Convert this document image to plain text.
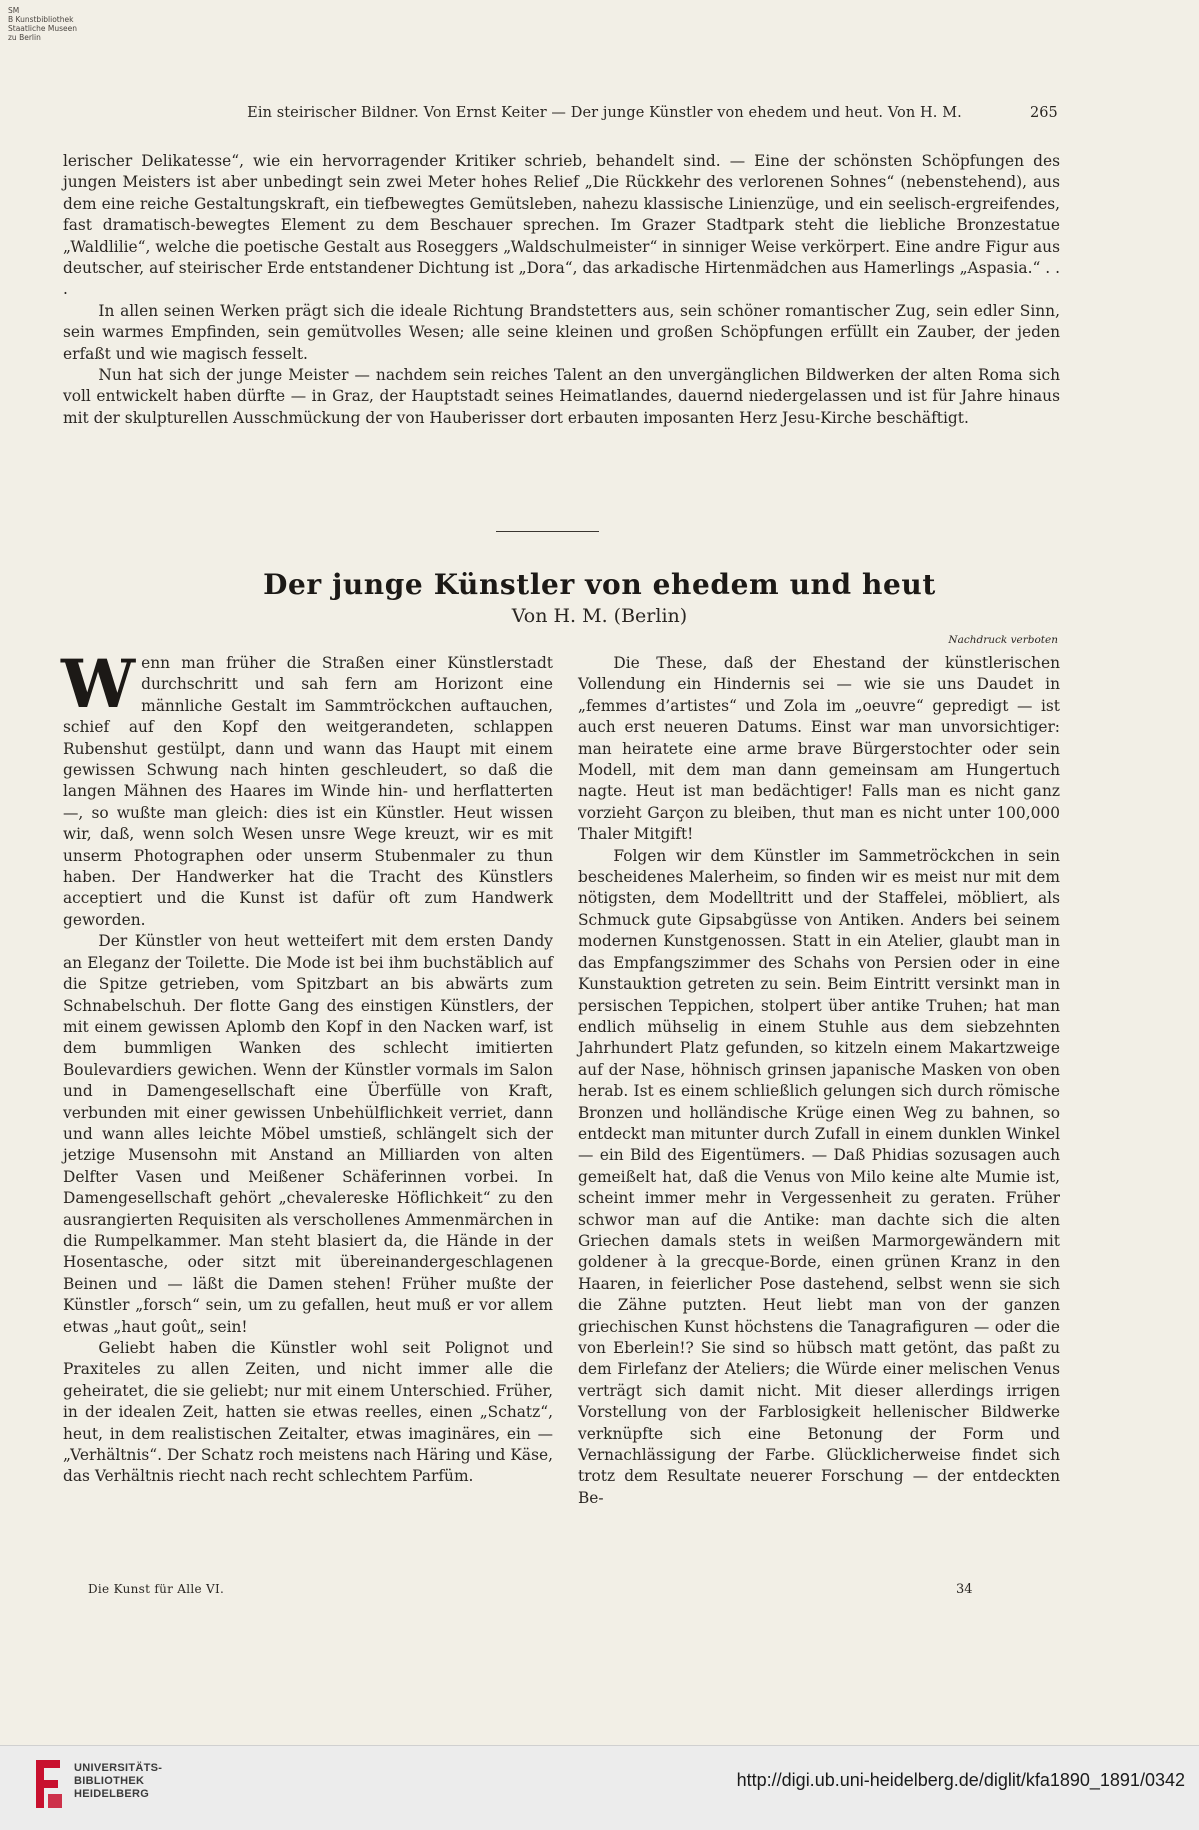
SM
B Kunstbibliothek
Staatliche Museen
zu Berlin
Ein steirischer Bildner. Von Ernst Keiter — Der junge Künstler von ehedem und heut. Von H. M.	265

lerischer Delikatesse“, wie ein hervorragender Kritiker schrieb, behandelt sind. — Eine der schönsten Schöpfungen des jungen Meisters ist aber unbedingt sein zwei Meter hohes Relief „Die Rückkehr des verlorenen Sohnes“ (nebenstehend), aus dem eine reiche Gestaltungskraft, ein tiefbewegtes Gemütsleben, nahezu klassische Linienzüge, und ein seelisch-ergreifendes, fast dramatisch-bewegtes Element zu dem Beschauer sprechen. Im Grazer Stadtpark steht die liebliche Bronzestatue „Waldlilie“, welche die poetische Gestalt aus Roseggers „Waldschulmeister“ in sinniger Weise verkörpert. Eine andre Figur aus deutscher, auf steirischer Erde entstandener Dichtung ist „Dora“, das arkadische Hirtenmädchen aus Hamerlings „Aspasia.“ . . .

In allen seinen Werken prägt sich die ideale Richtung Brandstetters aus, sein schöner romantischer Zug, sein edler Sinn, sein warmes Empfinden, sein gemütvolles Wesen; alle seine kleinen und großen Schöpfungen erfüllt ein Zauber, der jeden erfaßt und wie magisch fesselt.

Nun hat sich der junge Meister — nachdem sein reiches Talent an den unvergänglichen Bildwerken der alten Roma sich voll entwickelt haben dürfte — in Graz, der Hauptstadt seines Heimatlandes, dauernd niedergelassen und ist für Jahre hinaus mit der skulpturellen Ausschmückung der von Hauberisser dort erbauten imposanten Herz Jesu-Kirche beschäftigt.

Der junge Künstler von ehedem und heut
Von H. M. (Berlin)
Nachdruck verboten

Wenn man früher die Straßen einer Künstlerstadt durchschritt und sah fern am Horizont eine männliche Gestalt im Sammtröckchen auftauchen, schief auf den Kopf den weitgerandeten, schlappen Rubenshut gestülpt, dann und wann das Haupt mit einem gewissen Schwung nach hinten geschleudert, so daß die langen Mähnen des Haares im Winde hin- und herflatterten —, so wußte man gleich: dies ist ein Künstler. Heut wissen wir, daß, wenn solch Wesen unsre Wege kreuzt, wir es mit unserm Photographen oder unserm Stubenmaler zu thun haben. Der Handwerker hat die Tracht des Künstlers acceptiert und die Kunst ist dafür oft zum Handwerk geworden.

Der Künstler von heut wetteifert mit dem ersten Dandy an Eleganz der Toilette. Die Mode ist bei ihm buchstäblich auf die Spitze getrieben, vom Spitzbart an bis abwärts zum Schnabelschuh. Der flotte Gang des einstigen Künstlers, der mit einem gewissen Aplomb den Kopf in den Nacken warf, ist dem bummligen Wanken des schlecht imitierten Boulevardiers gewichen. Wenn der Künstler vormals im Salon und in Damengesellschaft eine Überfülle von Kraft, verbunden mit einer gewissen Unbehülflichkeit verriet, dann und wann alles leichte Möbel umstieß, schlängelt sich der jetzige Musensohn mit Anstand an Milliarden von alten Delfter Vasen und Meißener Schäferinnen vorbei. In Damengesellschaft gehört „chevalereske Höflichkeit“ zu den ausrangierten Requisiten als verschollenes Ammenmärchen in die Rumpelkammer. Man steht blasiert da, die Hände in der Hosentasche, oder sitzt mit übereinandergeschlagenen Beinen und — läßt die Damen stehen! Früher mußte der Künstler „forsch“ sein, um zu gefallen, heut muß er vor allem etwas „haut goût„ sein!

Geliebt haben die Künstler wohl seit Polignot und Praxiteles zu allen Zeiten, und nicht immer alle die geheiratet, die sie geliebt; nur mit einem Unterschied. Früher, in der idealen Zeit, hatten sie etwas reelles, einen „Schatz“, heut, in dem realistischen Zeitalter, etwas imaginäres, ein — „Verhältnis“. Der Schatz roch meistens nach Häring und Käse, das Verhältnis riecht nach recht schlechtem Parfüm.

Die These, daß der Ehestand der künstlerischen Vollendung ein Hindernis sei — wie sie uns Daudet in „femmes d’artistes“ und Zola im „oeuvre“ gepredigt — ist auch erst neueren Datums. Einst war man unvorsichtiger: man heiratete eine arme brave Bürgerstochter oder sein Modell, mit dem man dann gemeinsam am Hungertuch nagte. Heut ist man bedächtiger! Falls man es nicht ganz vorzieht Garçon zu bleiben, thut man es nicht unter 100,000 Thaler Mitgift!

Folgen wir dem Künstler im Sammetröckchen in sein bescheidenes Malerheim, so finden wir es meist nur mit dem nötigsten, dem Modelltritt und der Staffelei, möbliert, als Schmuck gute Gipsabgüsse von Antiken. Anders bei seinem modernen Kunstgenossen. Statt in ein Atelier, glaubt man in das Empfangszimmer des Schahs von Persien oder in eine Kunstauktion getreten zu sein. Beim Eintritt versinkt man in persischen Teppichen, stolpert über antike Truhen; hat man endlich mühselig in einem Stuhle aus dem siebzehnten Jahrhundert Platz gefunden, so kitzeln einem Makartzweige auf der Nase, höhnisch grinsen japanische Masken von oben herab. Ist es einem schließlich gelungen sich durch römische Bronzen und holländische Krüge einen Weg zu bahnen, so entdeckt man mitunter durch Zufall in einem dunklen Winkel — ein Bild des Eigentümers. — Daß Phidias sozusagen auch gemeißelt hat, daß die Venus von Milo keine alte Mumie ist, scheint immer mehr in Vergessenheit zu geraten. Früher schwor man auf die Antike: man dachte sich die alten Griechen damals stets in weißen Marmorgewändern mit goldener à la grecque-Borde, einen grünen Kranz in den Haaren, in feierlicher Pose dastehend, selbst wenn sie sich die Zähne putzten. Heut liebt man von der ganzen griechischen Kunst höchstens die Tanagrafiguren — oder die von Eberlein!? Sie sind so hübsch matt getönt, das paßt zu dem Firlefanz der Ateliers; die Würde einer melischen Venus verträgt sich damit nicht. Mit dieser allerdings irrigen Vorstellung von der Farblosigkeit hellenischer Bildwerke verknüpfte sich eine Betonung der Form und Vernachlässigung der Farbe. Glücklicherweise findet sich trotz dem Resultate neuerer Forschung — der entdeckten Be-

Die Kunst für Alle VI.	34
UNIVERSITÄTS-
BIBLIOTHEK
HEIDELBERG
http://digi.ub.uni-heidelberg.de/diglit/kfa1890_1891/0342
